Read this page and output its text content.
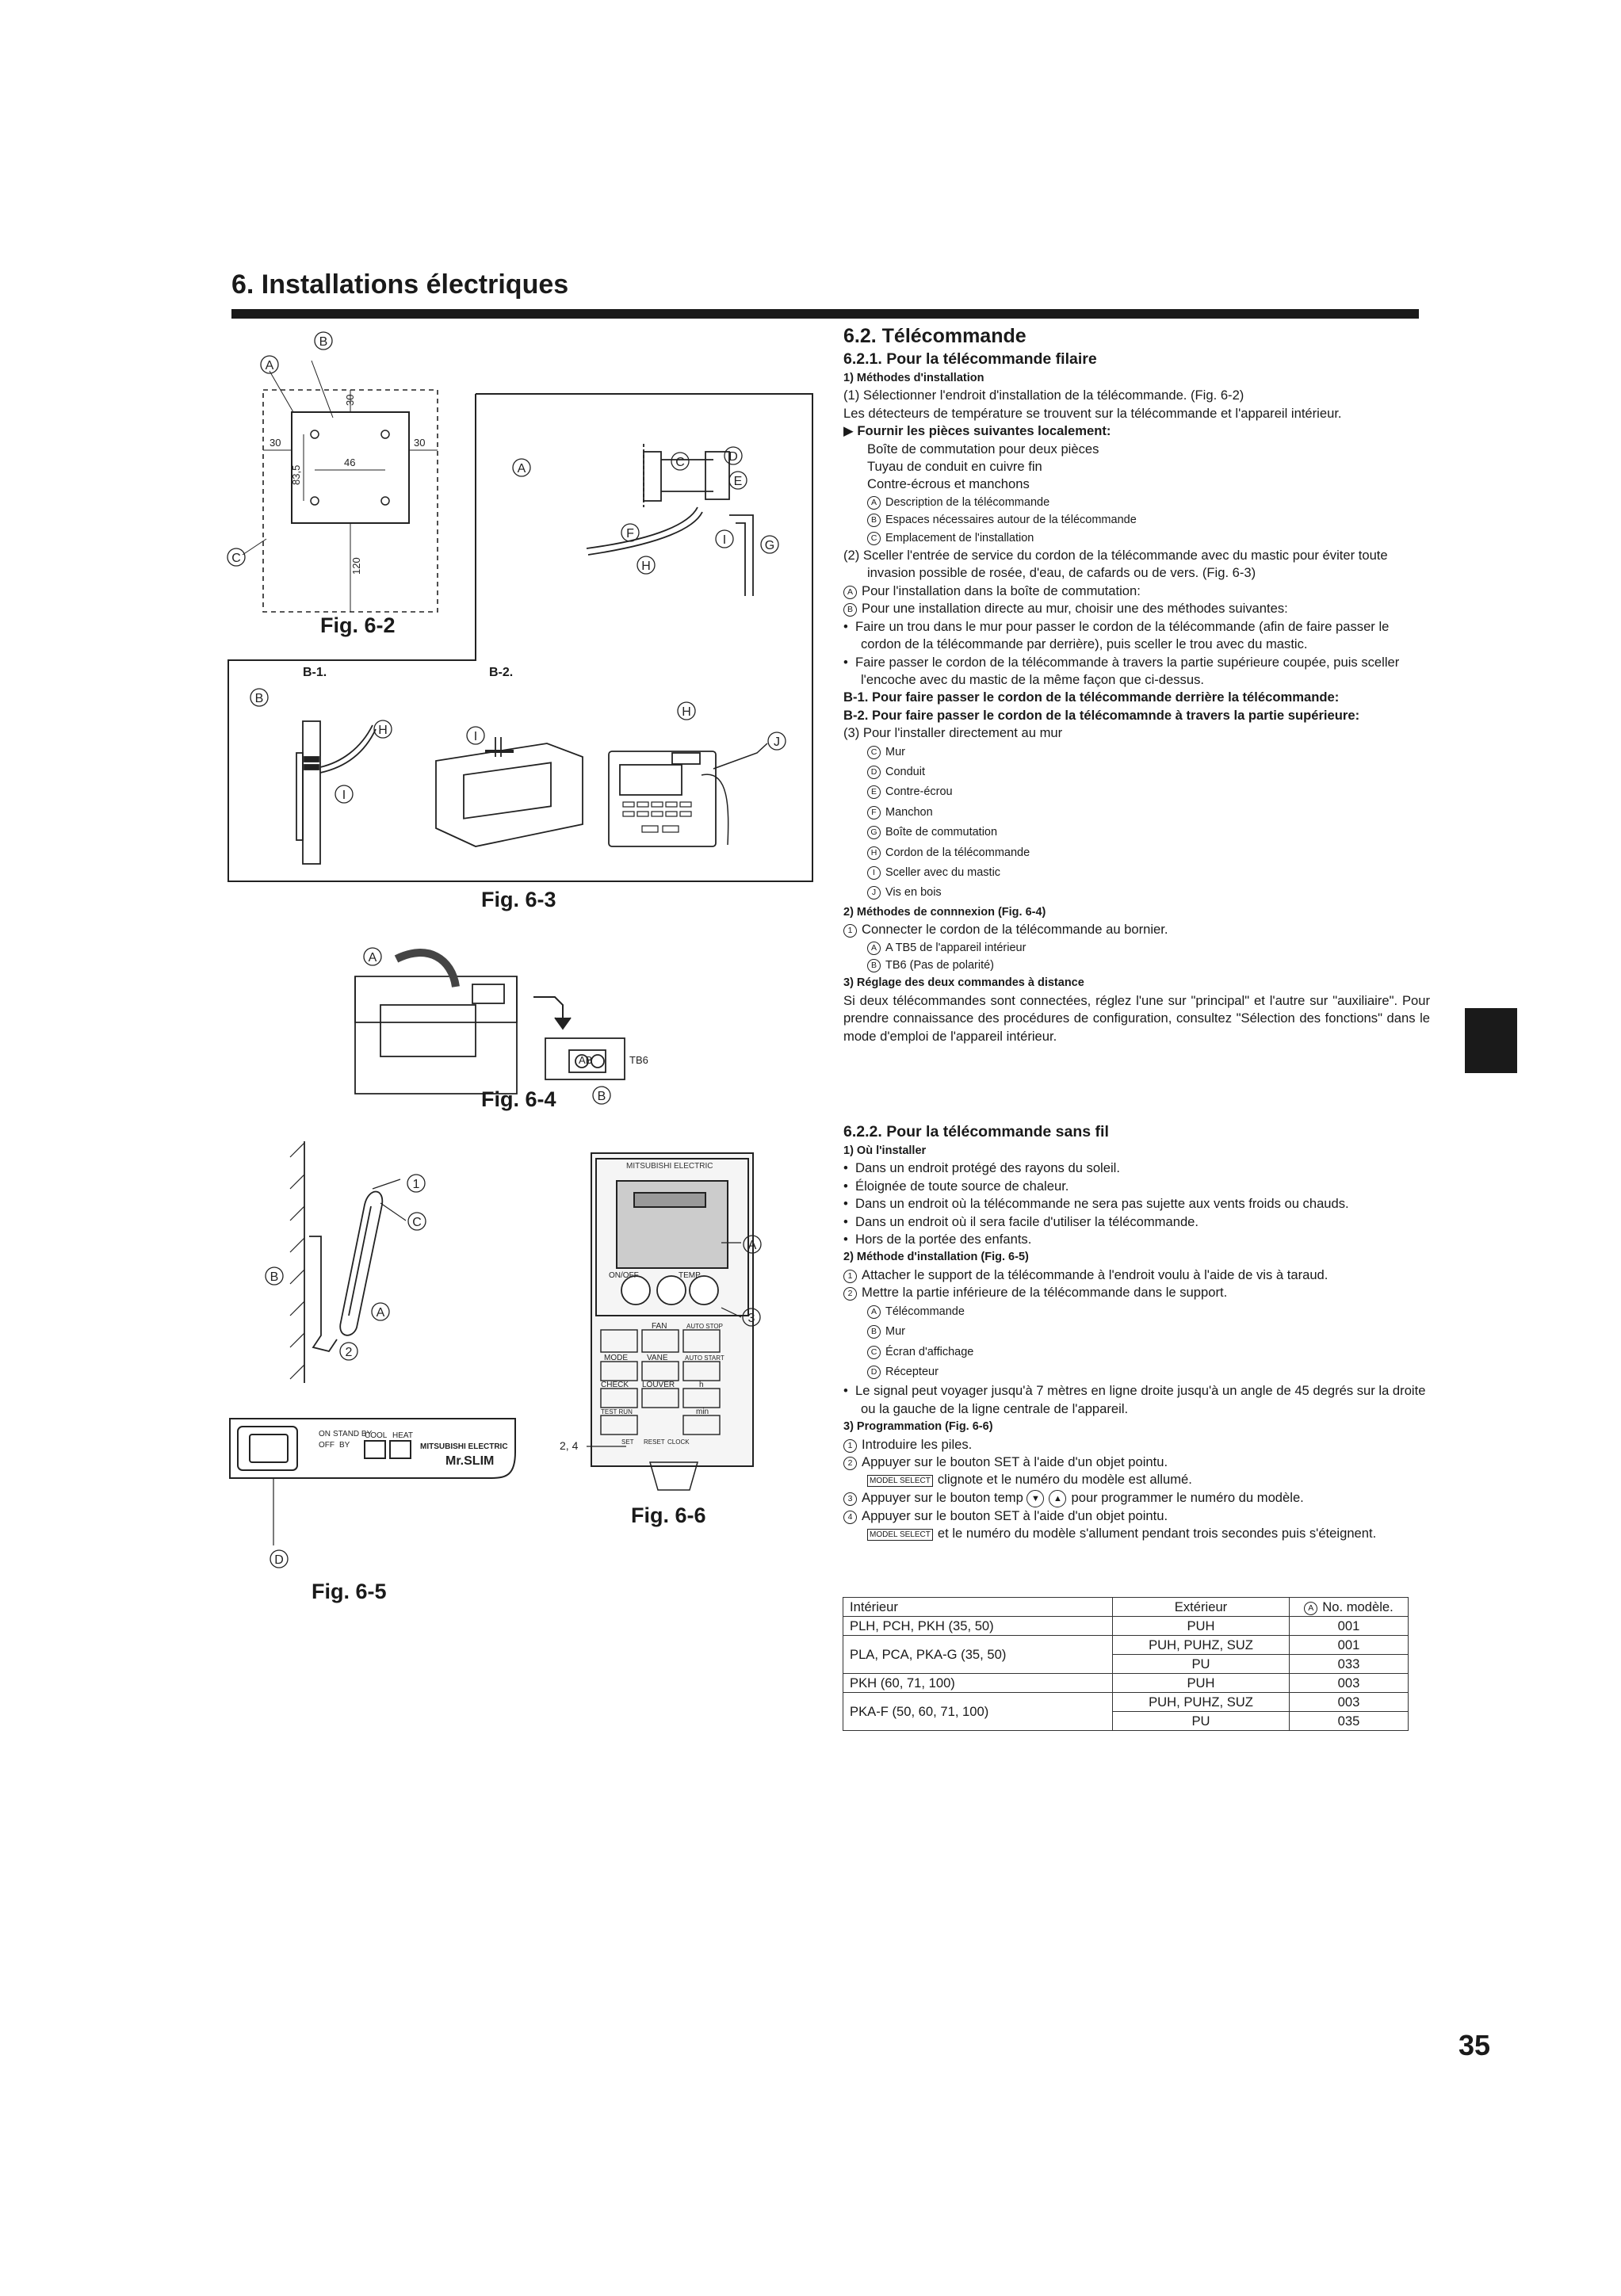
6. Installations électriques
B
A
C
A	C	D
E
F	I	G
H
B
H
I
I
H
J
A
B
1
C
B
A
2
D
A
3
30
30	30
46
83,5
120
AB	TB6
MITSUBISHI ELECTRIC
ON/OFF	TEMP
FAN	AUTO STOP
MODE VANE	AUTO START
CHECK LOUVER	h
TEST RUN	min
SET RESET CLOCK
2, 4
ON
OFF
STAND BY
BY
COOL HEAT
MITSUBISHI ELECTRIC
Mr.SLIM
Fig. 6-2
B-1.	B-2.
Fig. 6-3
Fig. 6-4
Fig. 6-6
Fig. 6-5

6.2. Télécommande

6.2.1. Pour la télécommande filaire

1) Méthodes d'installation

(1) Sélectionner l'endroit d'installation de la télécommande. (Fig. 6-2)

Les détecteurs de température se trouvent sur la télécommande et l'appareil intérieur.

▶ Fournir les pièces suivantes localement:

Boîte de commutation pour deux pièces

Tuyau de conduit en cuivre fin

Contre-écrous et manchons

A Description de la télécommande

B Espaces nécessaires autour de la télécommande

C Emplacement de l'installation

(2) Sceller l'entrée de service du cordon de la télécommande avec du mastic pour éviter toute invasion possible de rosée, d'eau, de cafards ou de vers. (Fig. 6-3)

A Pour l'installation dans la boîte de commutation:

B Pour une installation directe au mur, choisir une des méthodes suivantes:

•  Faire un trou dans le mur pour passer le cordon de la télécommande (afin de faire passer le cordon de la télécommande par derrière), puis sceller le trou avec du mastic.

•  Faire passer le cordon de la télécommande à travers la partie supérieure coupée, puis sceller l'encoche avec du mastic de la même façon que ci-dessus.

B-1. Pour faire passer le cordon de la télécommande derrière la télécommande:

B-2. Pour faire passer le cordon de la télécomamnde à travers la partie supérieure:

(3) Pour l'installer directement au mur

C Mur

D Conduit

E Contre-écrou

F Manchon

G Boîte de commutation

H Cordon de la télécommande

I Sceller avec du mastic

J Vis en bois

2) Méthodes de connnexion (Fig. 6-4)

1 Connecter le cordon de la télécommande au bornier.

A A TB5 de l'appareil intérieur

B TB6 (Pas de polarité)

3) Réglage des deux commandes à distance

Si deux télécommandes sont connectées, réglez l'une sur "principal" et l'autre sur "auxiliaire". Pour prendre connaissance des procédures de configuration, consultez "Sélection des fonctions" dans le mode d'emploi de l'appareil intérieur.

6.2.2. Pour la télécommande sans fil

1) Où l'installer

•  Dans un endroit protégé des rayons du soleil.

•  Éloignée de toute source de chaleur.

•  Dans un endroit où la télécommande ne sera pas sujette aux vents froids ou chauds.

•  Dans un endroit où il sera facile d'utiliser la télécommande.

•  Hors de la portée des enfants.

2) Méthode d'installation (Fig. 6-5)

1 Attacher le support de la télécommande à l'endroit voulu à l'aide de vis à taraud.

2 Mettre la partie inférieure de la télécommande dans le support.

A Télécommande

B Mur

C Écran d'affichage

D Récepteur

•  Le signal peut voyager jusqu'à 7 mètres en ligne droite jusqu'à un angle de 45 degrés sur la droite ou la gauche de la ligne centrale de l'appareil.

3) Programmation (Fig. 6-6)

1 Introduire les piles.

2 Appuyer sur le bouton SET à l'aide d'un objet pointu.

MODEL SELECT clignote et le numéro du modèle est allumé.

3 Appuyer sur le bouton temp ▼ ▲ pour programmer le numéro du modèle.

4 Appuyer sur le bouton SET à l'aide d'un objet pointu.

MODEL SELECT et le numéro du modèle s'allument pendant trois secondes puis s'éteignent.

Intérieur	Extérieur	A No. modèle.
PLH, PCH, PKH (35, 50)	PUH	001
PLA, PCA, PKA-G (35, 50)	PUH, PUHZ, SUZ	001
	PU	033
PKH (60, 71, 100)	PUH	003
PKA-F (50, 60, 71, 100)	PUH, PUHZ, SUZ	003
	PU	035
35
